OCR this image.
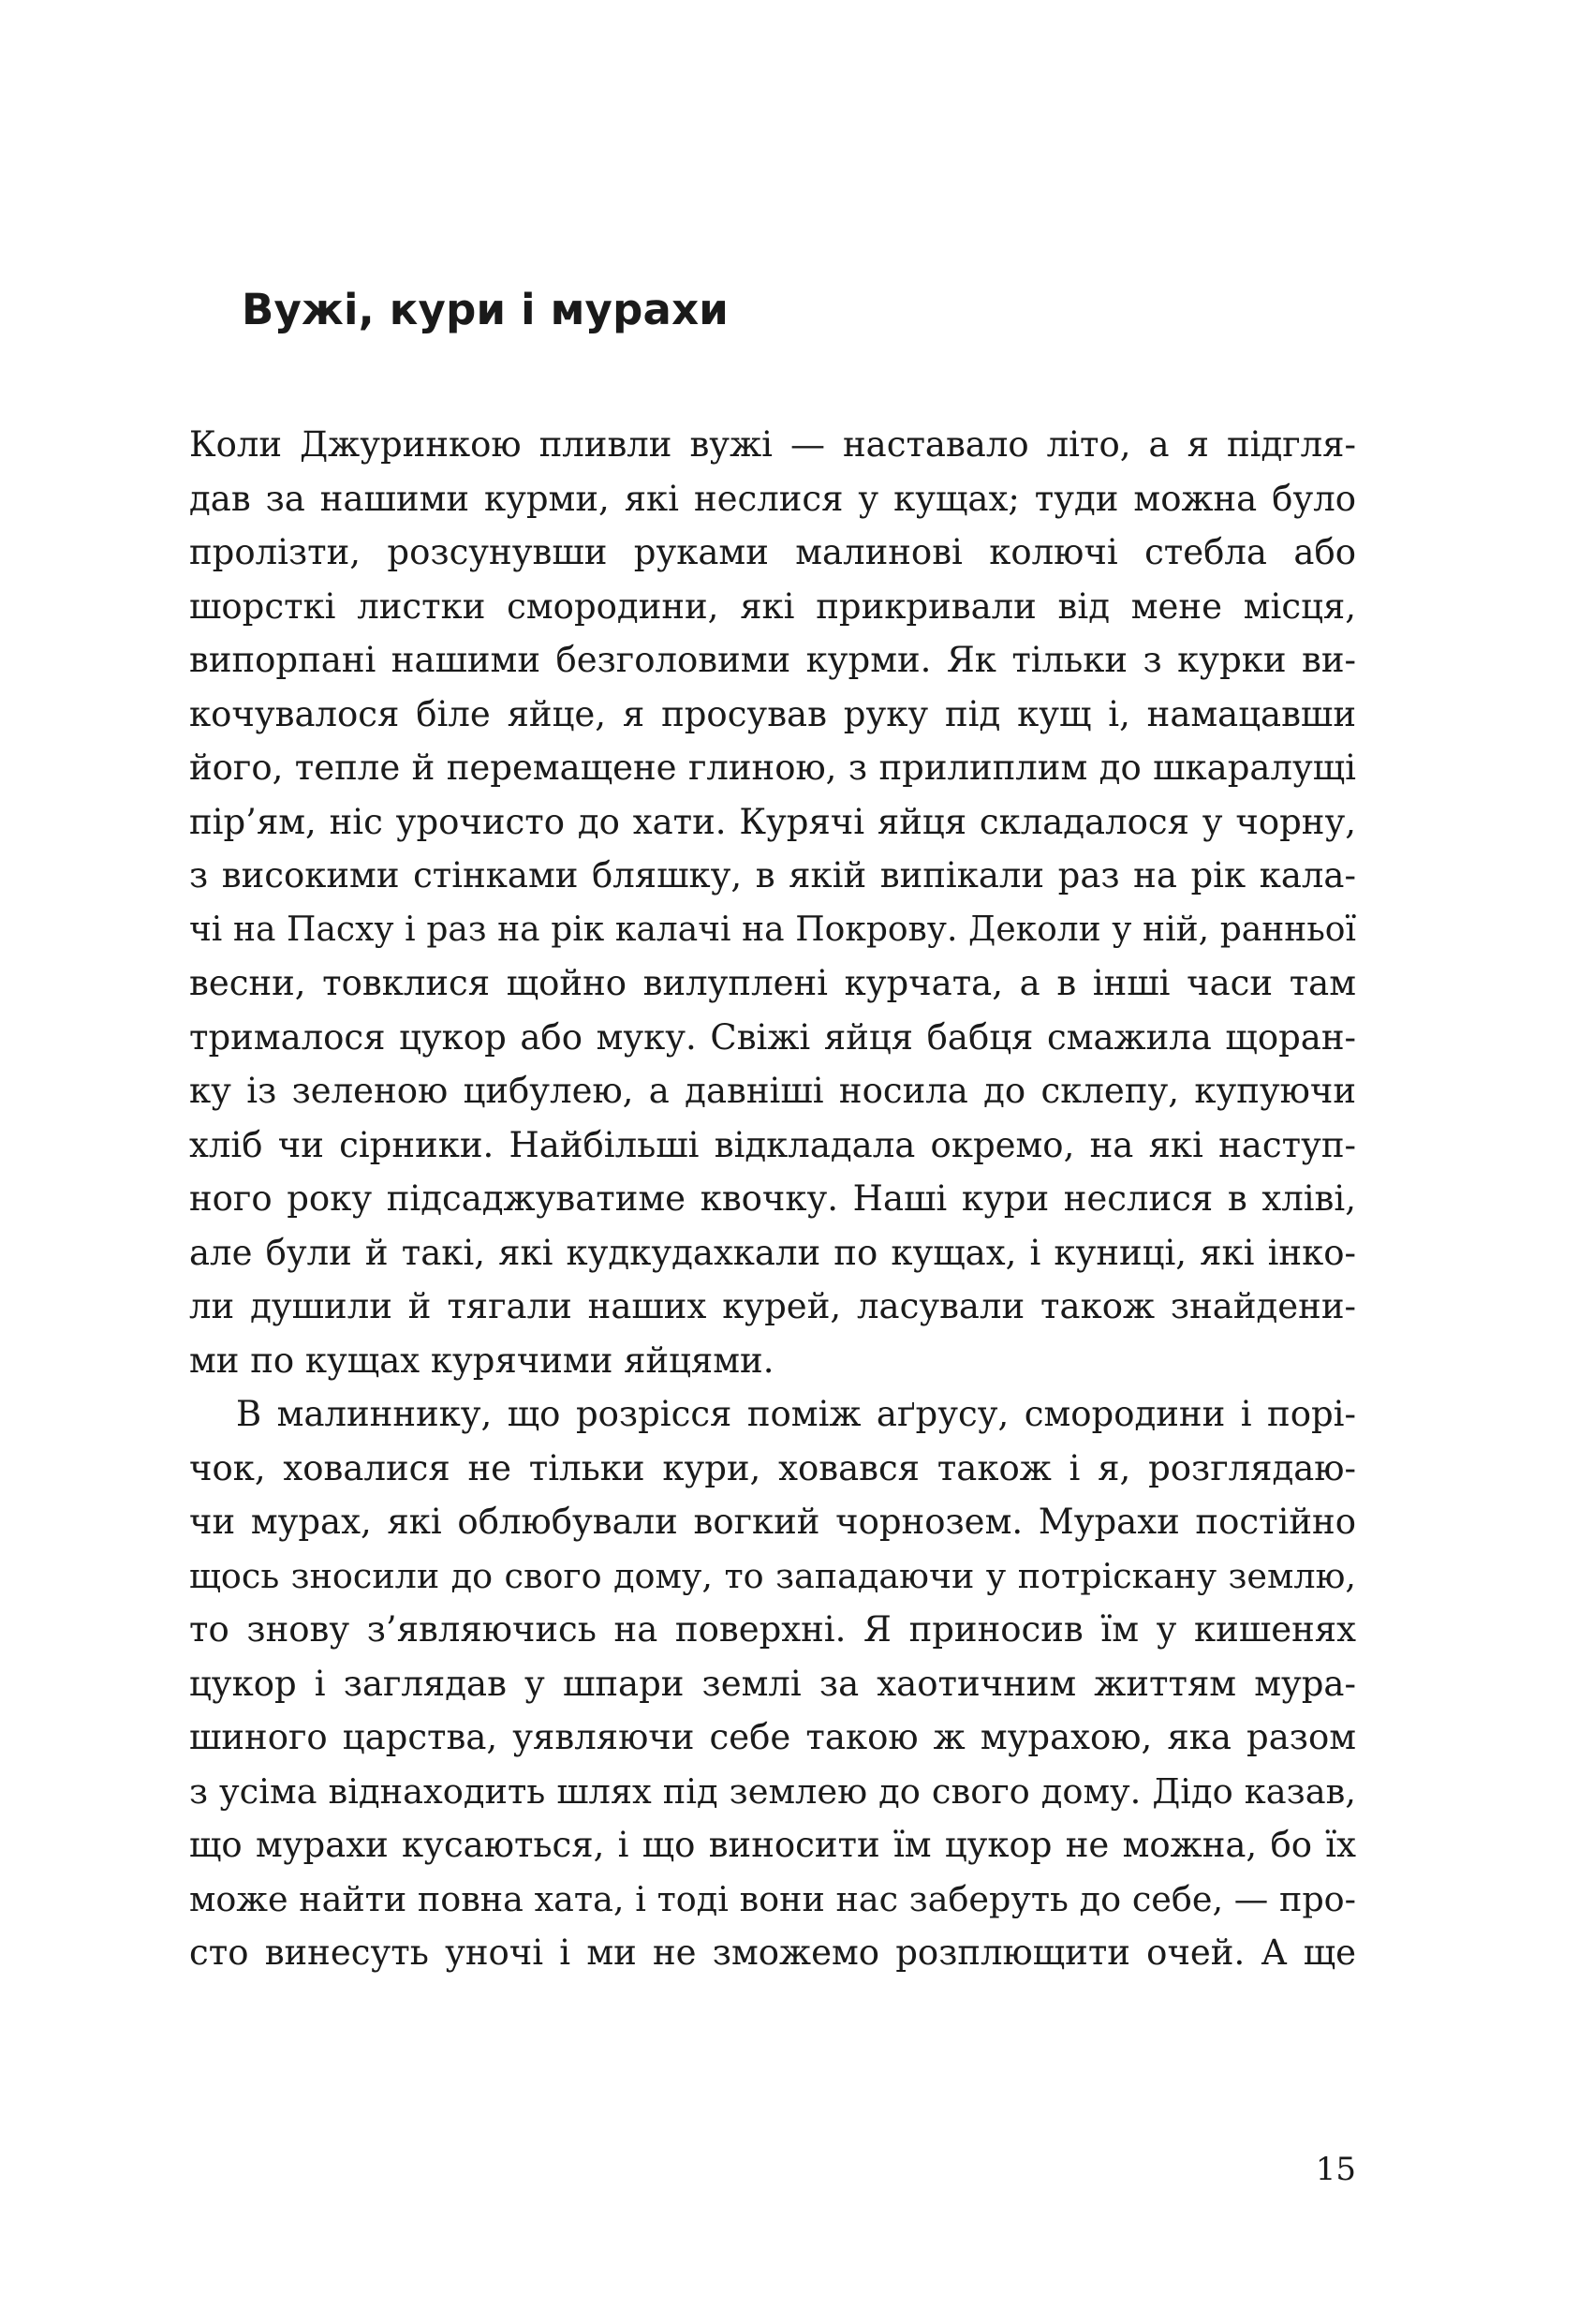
Вужі, кури і мурахи
Коли Джуринкою пливли вужі — наставало літо, а я підгля-
дав за нашими курми, які неслися у кущах; туди можна було
пролізти, розсунувши руками малинові колючі стебла або
шорсткі листки смородини, які прикривали від мене місця,
випорпані нашими безголовими курми. Як тільки з курки ви-
кочувалося біле яйце, я просував руку під кущ і, намацавши
його, тепле й перемащене глиною, з прилиплим до шкаралущі
пір’ям, ніс урочисто до хати. Курячі яйця складалося у чорну,
з високими стінками бляшку, в якій випікали раз на рік кала-
чі на Пасху і раз на рік калачі на Покрову. Деколи у ній, ранньої
весни, товклися щойно вилуплені курчата, а в інші часи там
трималося цукор або муку. Свіжі яйця бабця смажила щоран-
ку із зеленою цибулею, а давніші носила до склепу, купуючи
хліб чи сірники. Найбільші відкладала окремо, на які наступ-
ного року підсаджуватиме квочку. Наші кури неслися в хліві,
але були й такі, які кудкудахкали по кущах, і куниці, які інко-
ли душили й тягали наших курей, ласували також знайдени-
ми по кущах курячими яйцями.
В малиннику, що розрісся поміж аґрусу, смородини і порі-
чок, ховалися не тільки кури, ховався також і я, розглядаю-
чи мурах, які облюбували вогкий чорнозем. Мурахи постійно
щось зносили до свого дому, то западаючи у потріскану землю,
то знову з’являючись на поверхні. Я приносив їм у кишенях
цукор і заглядав у шпари землі за хаотичним життям мура-
шиного царства, уявляючи себе такою ж мурахою, яка разом
з усіма віднаходить шлях під землею до свого дому. Дідо казав,
що мурахи кусаються, і що виносити їм цукор не можна, бо їх
може найти повна хата, і тоді вони нас заберуть до себе, — про-
сто винесуть уночі і ми не зможемо розплющити очей. А ще
15
